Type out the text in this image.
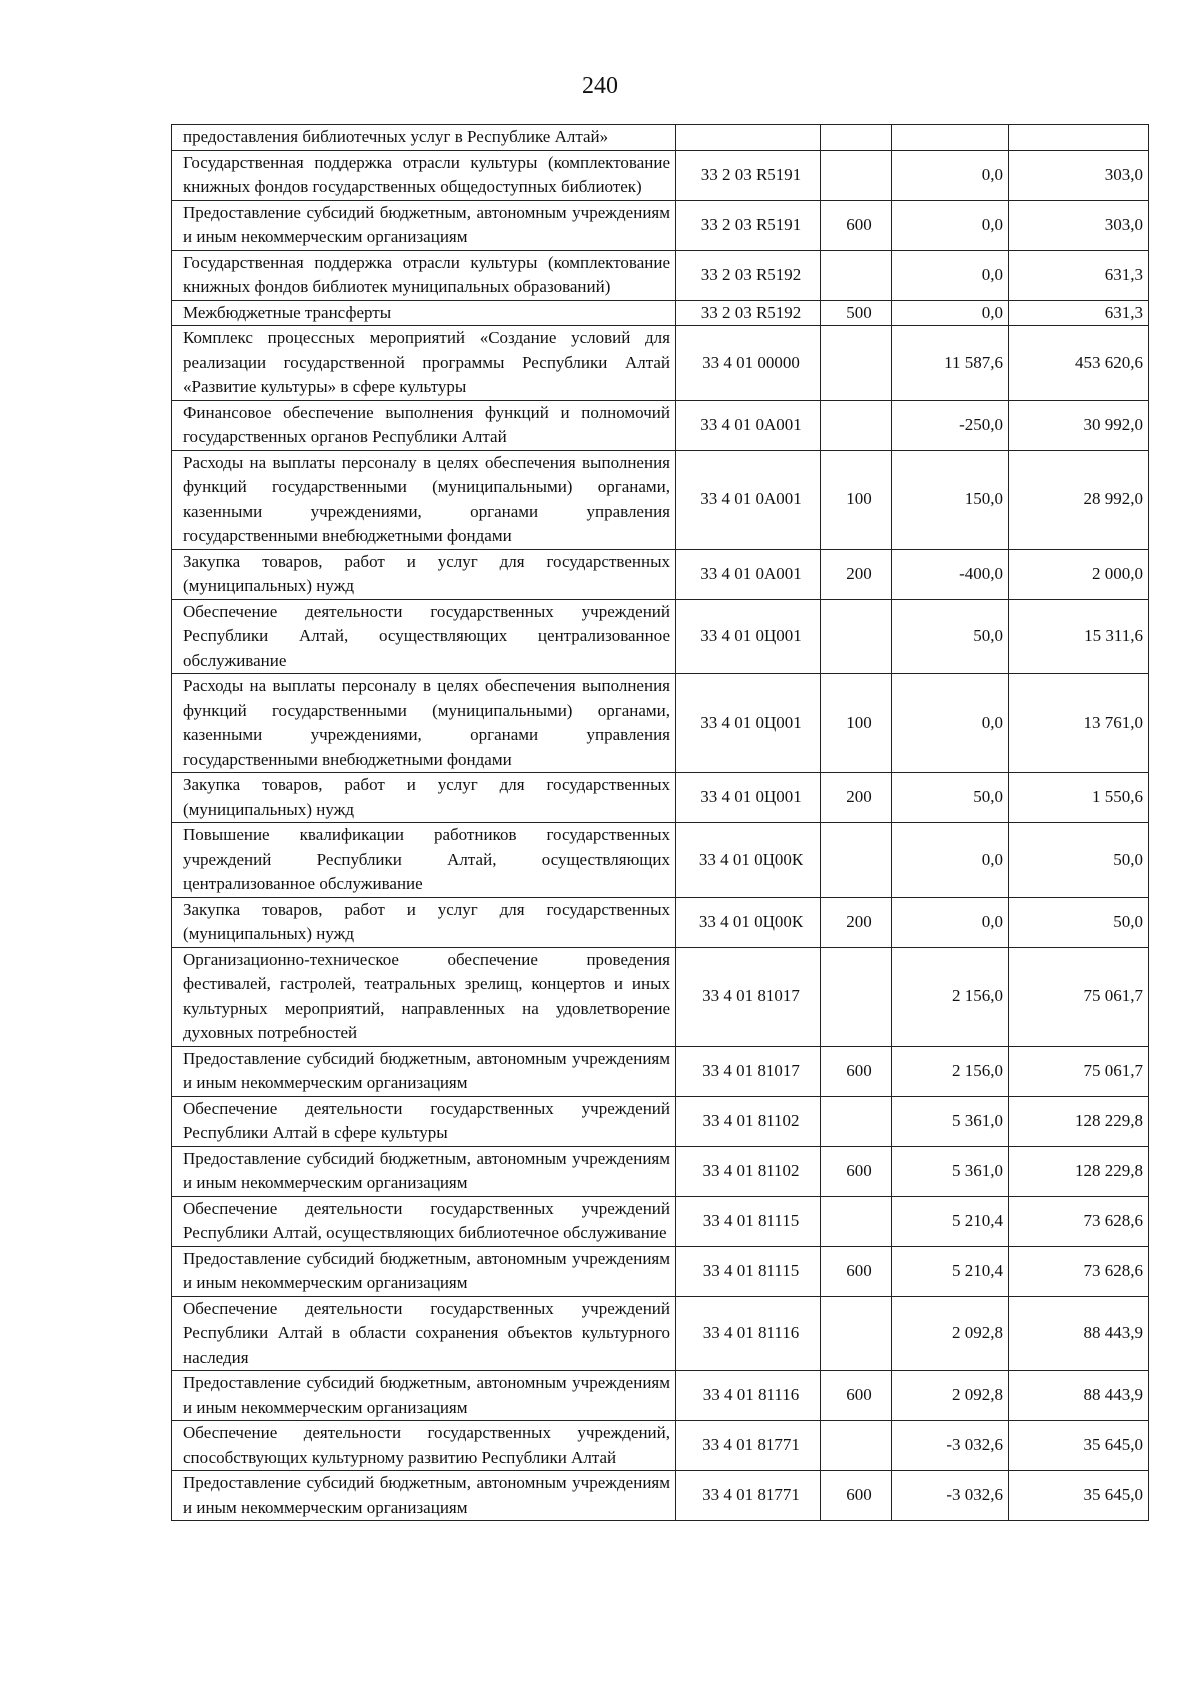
240
предоставления библиотечных услуг в Республике Алтай»				
Государственная поддержка отрасли культуры (комплектование книжных фондов государственных общедоступных библиотек)	33 2 03 R5191		0,0	303,0
Предоставление субсидий бюджетным, автономным учреждениям и иным некоммерческим организациям	33 2 03 R5191	600	0,0	303,0
Государственная поддержка отрасли культуры (комплектование книжных фондов библиотек муниципальных образований)	33 2 03 R5192		0,0	631,3
Межбюджетные трансферты	33 2 03 R5192	500	0,0	631,3
Комплекс процессных мероприятий «Создание условий для реализации государственной программы Республики Алтай «Развитие культуры» в сфере культуры	33 4 01 00000		11 587,6	453 620,6
Финансовое обеспечение выполнения функций и полномочий государственных органов Республики Алтай	33 4 01 0А001		-250,0	30 992,0
Расходы на выплаты персоналу в целях обеспечения выполнения функций государственными (муниципальными) органами, казенными учреждениями, органами управления государственными внебюджетными фондами	33 4 01 0А001	100	150,0	28 992,0
Закупка товаров, работ и услуг для государственных (муниципальных) нужд	33 4 01 0А001	200	-400,0	2 000,0
Обеспечение деятельности государственных учреждений Республики Алтай, осуществляющих централизованное обслуживание	33 4 01 0Ц001		50,0	15 311,6
Расходы на выплаты персоналу в целях обеспечения выполнения функций государственными (муниципальными) органами, казенными учреждениями, органами управления государственными внебюджетными фондами	33 4 01 0Ц001	100	0,0	13 761,0
Закупка товаров, работ и услуг для государственных (муниципальных) нужд	33 4 01 0Ц001	200	50,0	1 550,6
Повышение квалификации работников государственных учреждений Республики Алтай, осуществляющих централизованное обслуживание	33 4 01 0Ц00К		0,0	50,0
Закупка товаров, работ и услуг для государственных (муниципальных) нужд	33 4 01 0Ц00К	200	0,0	50,0
Организационно-техническое обеспечение проведения фестивалей, гастролей, театральных зрелищ, концертов и иных культурных мероприятий, направленных на удовлетворение духовных потребностей	33 4 01 81017		2 156,0	75 061,7
Предоставление субсидий бюджетным, автономным учреждениям и иным некоммерческим организациям	33 4 01 81017	600	2 156,0	75 061,7
Обеспечение деятельности государственных учреждений Республики Алтай в сфере культуры	33 4 01 81102		5 361,0	128 229,8
Предоставление субсидий бюджетным, автономным учреждениям и иным некоммерческим организациям	33 4 01 81102	600	5 361,0	128 229,8
Обеспечение деятельности государственных учреждений Республики Алтай, осуществляющих библиотечное обслуживание	33 4 01 81115		5 210,4	73 628,6
Предоставление субсидий бюджетным, автономным учреждениям и иным некоммерческим организациям	33 4 01 81115	600	5 210,4	73 628,6
Обеспечение деятельности государственных учреждений Республики Алтай в области сохранения объектов культурного наследия	33 4 01 81116		2 092,8	88 443,9
Предоставление субсидий бюджетным, автономным учреждениям и иным некоммерческим организациям	33 4 01 81116	600	2 092,8	88 443,9
Обеспечение деятельности государственных учреждений, способствующих культурному развитию Республики Алтай	33 4 01 81771		-3 032,6	35 645,0
Предоставление субсидий бюджетным, автономным учреждениям и иным некоммерческим организациям	33 4 01 81771	600	-3 032,6	35 645,0
